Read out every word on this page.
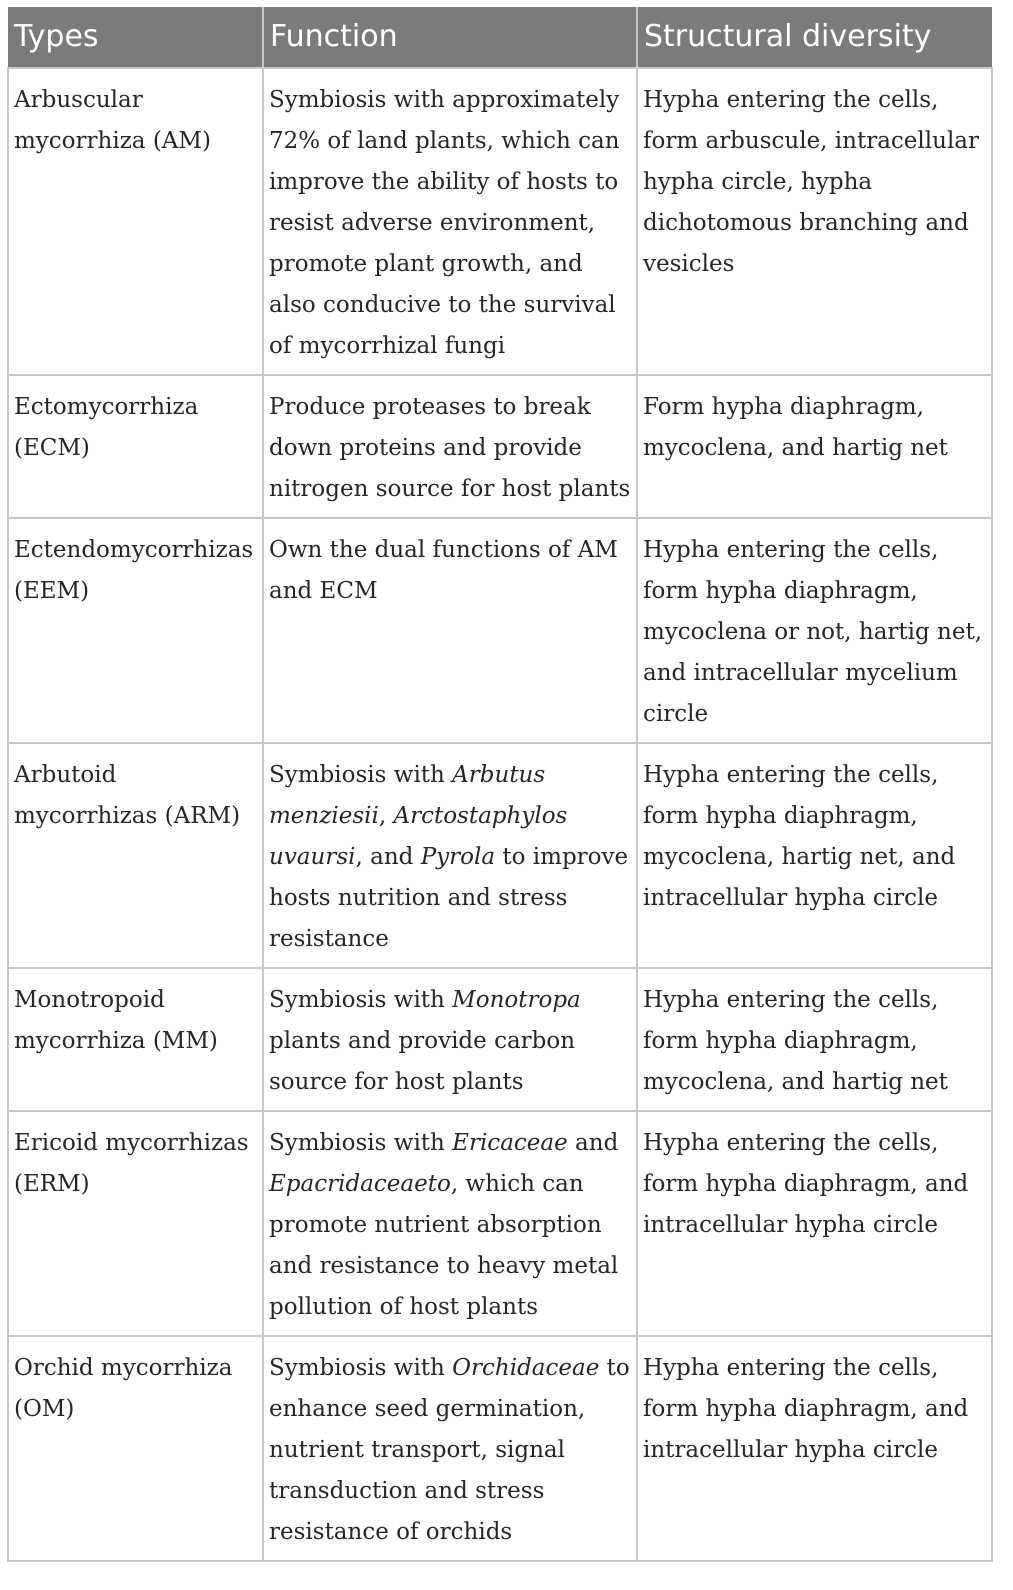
Types	Function	Structural diversity
Arbuscular mycorrhiza (AM)	Symbiosis with approximately 72% of land plants, which can improve the ability of hosts to resist adverse environment, promote plant growth, and also conducive to the survival of mycorrhizal fungi	Hypha entering the cells, form arbuscule, intracellular hypha circle, hypha dichotomous branching and vesicles
Ectomycorrhiza (ECM)	Produce proteases to break down proteins and provide nitrogen source for host plants	Form hypha diaphragm, mycoclena, and hartig net
Ectendomycorrhizas (EEM)	Own the dual functions of AM and ECM	Hypha entering the cells, form hypha diaphragm, mycoclena or not, hartig net, and intracellular mycelium circle
Arbutoid mycorrhizas (ARM)	Symbiosis with Arbutus menziesii, Arctostaphylos uvaursi, and Pyrola to improve hosts nutrition and stress resistance	Hypha entering the cells, form hypha diaphragm, mycoclena, hartig net, and intracellular hypha circle
Monotropoid mycorrhiza (MM)	Symbiosis with Monotropa plants and provide carbon source for host plants	Hypha entering the cells, form hypha diaphragm, mycoclena, and hartig net
Ericoid mycorrhizas (ERM)	Symbiosis with Ericaceae and Epacridaceaeto, which can promote nutrient absorption and resistance to heavy metal pollution of host plants	Hypha entering the cells, form hypha diaphragm, and intracellular hypha circle
Orchid mycorrhiza (OM)	Symbiosis with Orchidaceae to enhance seed germination, nutrient transport, signal transduction and stress resistance of orchids	Hypha entering the cells, form hypha diaphragm, and intracellular hypha circle
